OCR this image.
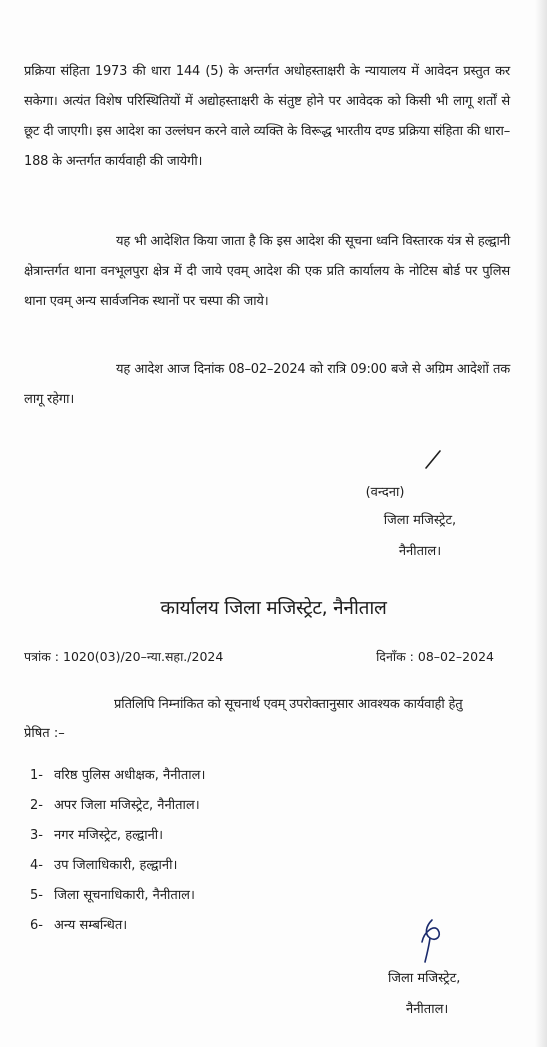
प्रक्रिया संहिता 1973 की धारा 144 (5) के अन्तर्गत अधोहस्ताक्षरी के न्यायालय में आवेदन प्रस्तुत कर सकेगा। अत्यंत विशेष परिस्थितियों में अद्योहस्ताक्षरी के संतुष्ट होने पर आवेदक को किसी भी लागू शर्तों से छूट दी जाएगी। इस आदेश का उल्लंघन करने वाले व्यक्ति के विरूद्ध भारतीय दण्ड प्रक्रिया संहिता की धारा–188 के अन्तर्गत कार्यवाही की जायेगी।

यह भी आदेशित किया जाता है कि इस आदेश की सूचना ध्वनि विस्तारक यंत्र से हल्द्वानी क्षेत्रान्तर्गत थाना वनभूलपुरा क्षेत्र में दी जाये एवम् आदेश की एक प्रति कार्यालय के नोटिस बोर्ड पर पुलिस थाना एवम् अन्य सार्वजनिक स्थानों पर चस्पा की जाये।

यह आदेश आज दिनांक 08–02–2024 को रात्रि 09:00 बजे से अग्रिम आदेशों तक लागू रहेगा।

(वन्दना)
जिला मजिस्ट्रेट,
नैनीताल।
कार्यालय जिला मजिस्ट्रेट, नैनीताल
पत्रांक : 1020(03)/20–न्या.सहा./2024	दिनाँक : 08–02–2024
प्रतिलिपि निम्नांकित को सूचनार्थ एवम् उपरोक्तानुसार आवश्यक कार्यवाही हेतु
प्रेषित :–
1- वरिष्ठ पुलिस अधीक्षक, नैनीताल।
2- अपर जिला मजिस्ट्रेट, नैनीताल।
3- नगर मजिस्ट्रेट, हल्द्वानी।
4- उप जिलाधिकारी, हल्द्वानी।
5- जिला सूचनाधिकारी, नैनीताल।
6- अन्य सम्बन्धित।
जिला मजिस्ट्रेट,
नैनीताल।
